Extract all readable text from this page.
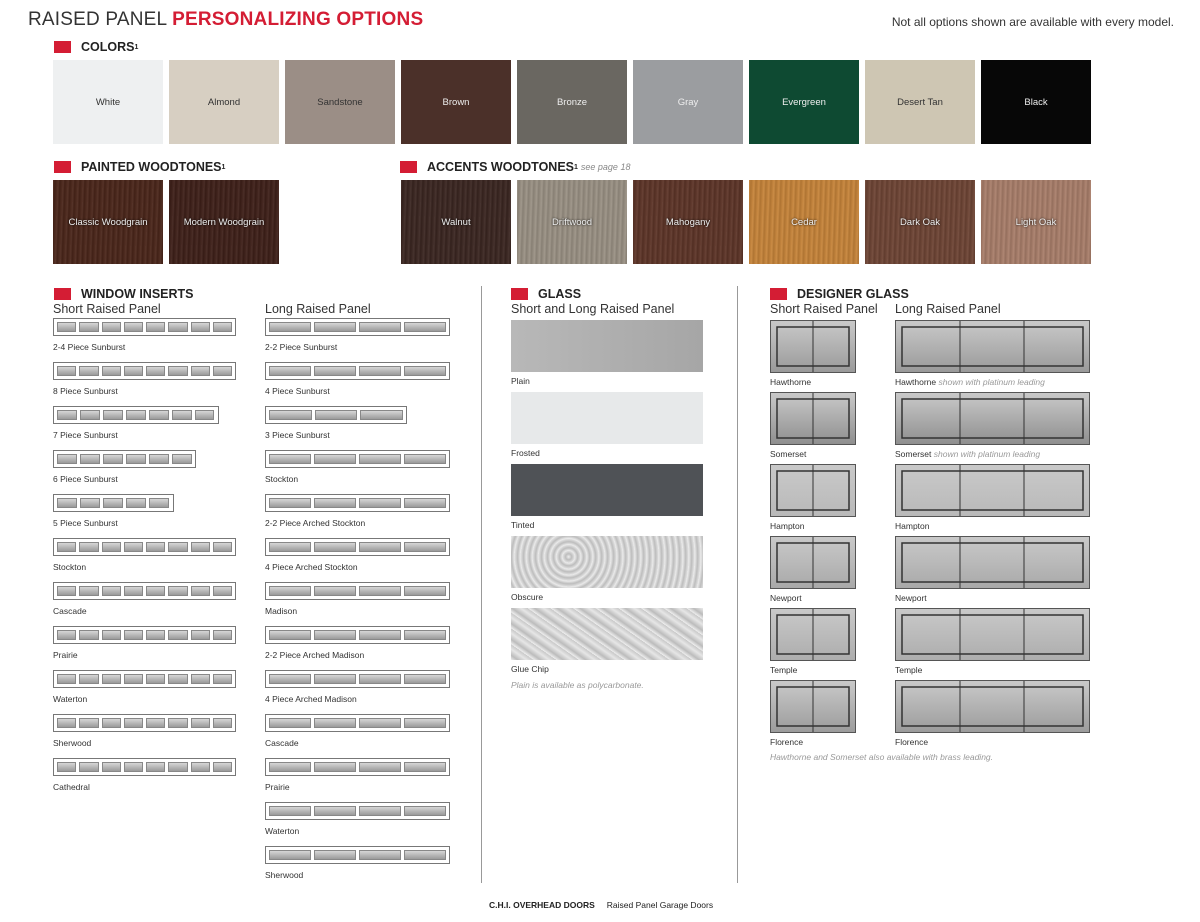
RAISED PANEL PERSONALIZING OPTIONS	Not all options shown are available with every model.
COLORS 1
White	Almond	Sandstone	Brown	Bronze	Gray	Evergreen	Desert Tan	Black
PAINTED WOODTONES 1
Classic Woodgrain	Modern Woodgrain
ACCENTS WOODTONES 1 see page 18
Walnut	Driftwood	Mahogany	Cedar	Dark Oak	Light Oak
WINDOW INSERTS
Short Raised Panel	Long Raised Panel
2-4 Piece Sunburst
8 Piece Sunburst
7 Piece Sunburst
6 Piece Sunburst
5 Piece Sunburst
Stockton
Cascade
Prairie
Waterton
Sherwood
Cathedral
2-2 Piece Sunburst
4 Piece Sunburst
3 Piece Sunburst
Stockton
2-2 Piece Arched Stockton
4 Piece Arched Stockton
Madison
2-2 Piece Arched Madison
4 Piece Arched Madison
Cascade
Prairie
Waterton
Sherwood
GLASS
Short and Long Raised Panel
Plain
Frosted
Tinted
Obscure
Glue Chip
Plain is available as polycarbonate.
DESIGNER GLASS
Short Raised Panel Long Raised Panel
Hawthorne	Hawthorne shown with platinum leading
Somerset	Somerset shown with platinum leading
Hampton	Hampton
Newport	Newport
Temple	Temple
Florence	Florence
Hawthorne and Somerset also available with brass leading.
C.H.I. OVERHEAD DOORS Raised Panel Garage Doors
